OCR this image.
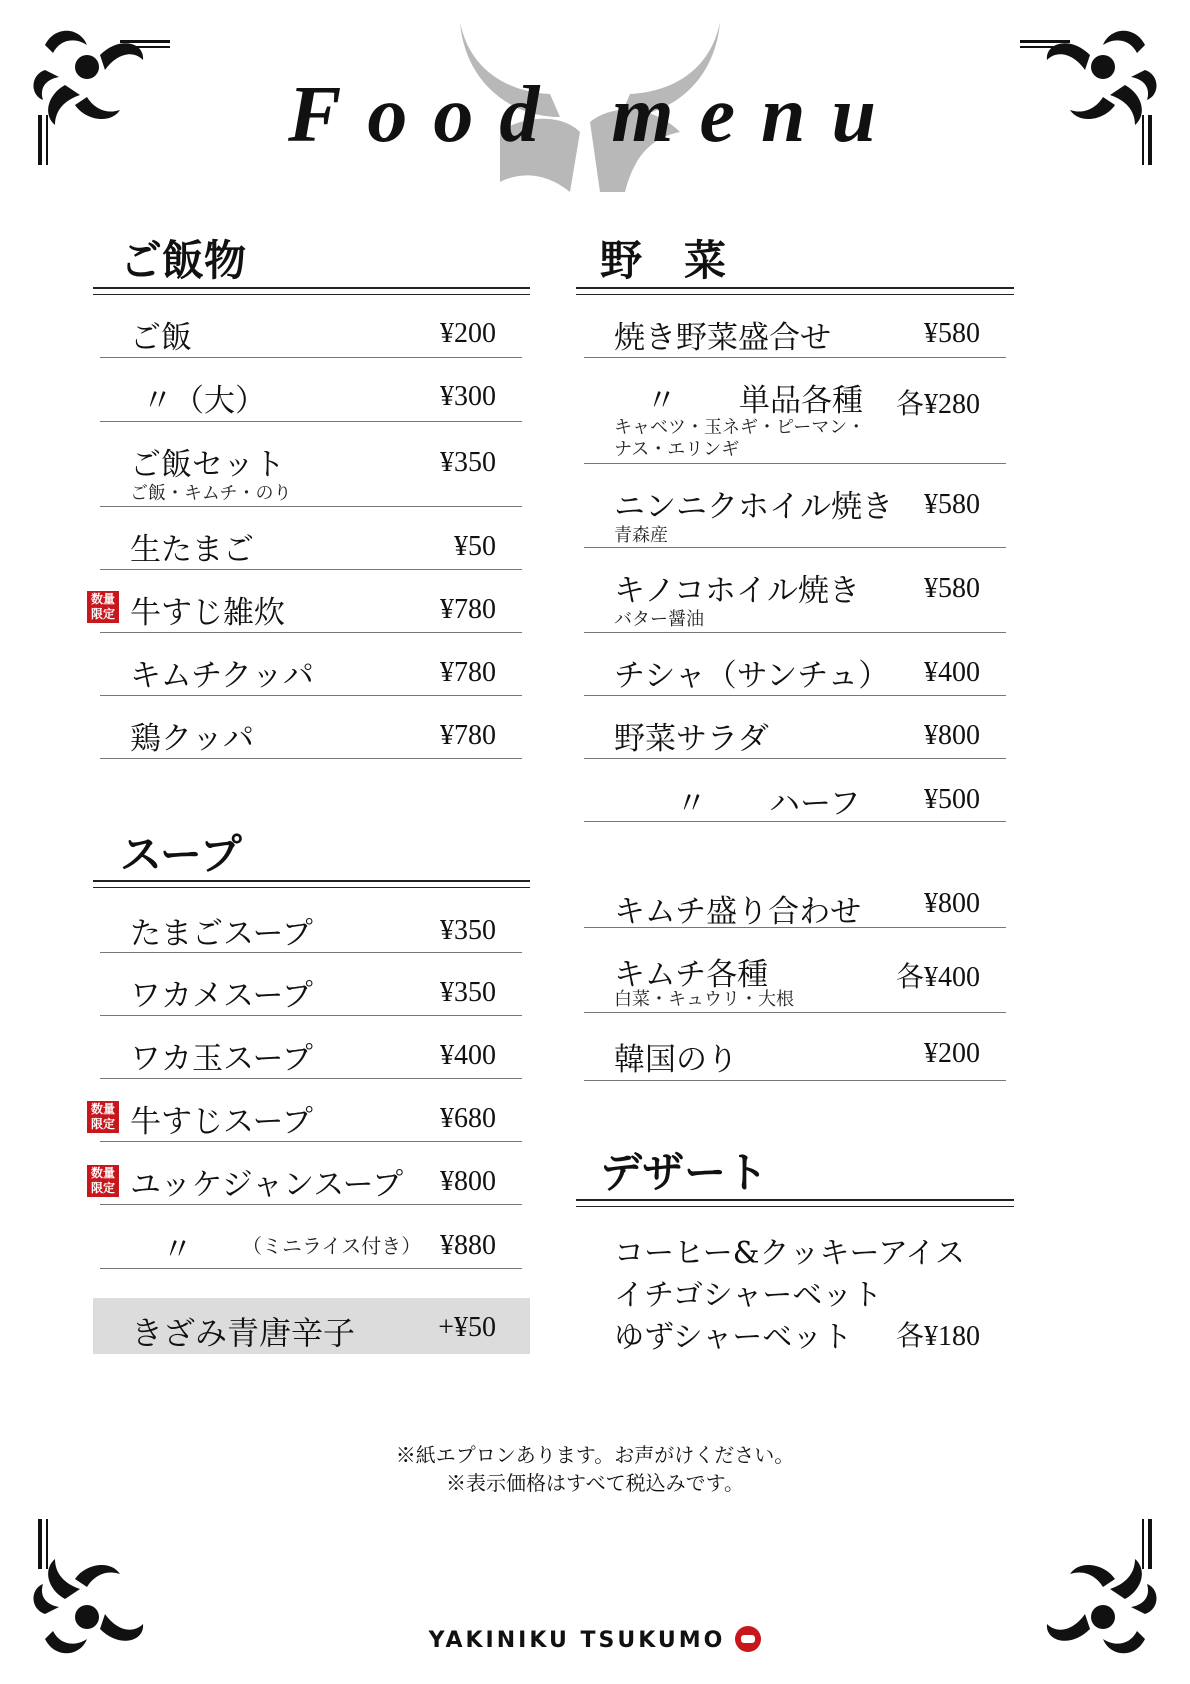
Food menu
ご飯物
ご飯	¥200
〃（大）	¥300
ご飯セット
ご飯・キムチ・のり
¥350
生たまご	¥50
数量
限定 牛すじ雑炊	¥780
キムチクッパ	¥780
鶏クッパ	¥780
スープ
たまごスープ	¥350
ワカメスープ	¥350
ワカ玉スープ	¥400
数量
限定 牛すじスープ	¥680
数量
限定 ユッケジャンスープ ¥800
〃 （ミニライス付き） ¥880
きざみ青唐辛子	+¥50
野　菜
焼き野菜盛合せ	¥580
〃　　単品各種
キャベツ・玉ネギ・ピーマン・
ナス・エリンギ
各¥280
ニンニクホイル焼き
青森産
¥580
キノコホイル焼き
バター醤油
¥580
チシャ（サンチュ） ¥400
野菜サラダ	¥800
〃　　ハーフ ¥500
キムチ盛り合わせ ¥800
キムチ各種
白菜・キュウリ・大根
各¥400
韓国のり	¥200
デザート
コーヒー&クッキーアイス
イチゴシャーベット
ゆずシャーベット 各¥180
※紙エプロンあります。お声がけください。
※表示価格はすべて税込みです。
YAKINIKU TSUKUMO
